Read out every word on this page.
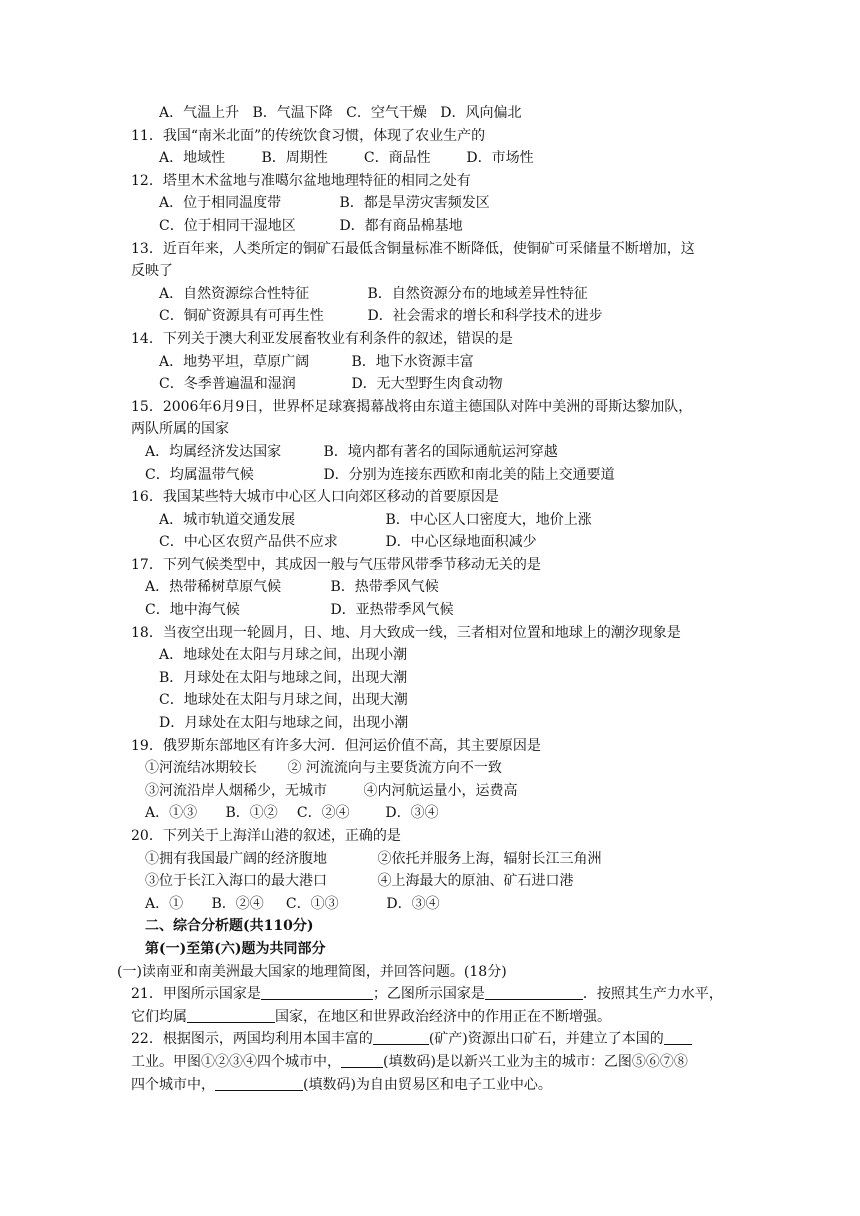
A．气温上升 B．气温下降 C．空气干燥 D．风向偏北
11．我国“南米北面”的传统饮食习惯，体现了农业生产的
A．地域性	B．周期性	C．商品性	D．市场性
12．塔里木术盆地与准噶尔盆地地理特征的相同之处有
A．位于相同温度带	B．都是旱涝灾害频发区
C．位于相同干湿地区	D．都有商品棉基地
13．近百年来，人类所定的铜矿石最低含铜量标准不断降低，使铜矿可采储量不断增加，这
反映了
A．自然资源综合性特征	B．自然资源分布的地域差异性特征
C．铜矿资源具有可再生性	D．社会需求的增长和科学技术的进步
14．下列关于澳大利亚发展畜牧业有利条件的叙述，错误的是
A．地势平坦，草原广阔	B．地下水资源丰富
C．冬季普遍温和湿润	D．无大型野生肉食动物
15．2006年6月9日，世界杯足球赛揭幕战将由东道主德国队对阵中美洲的哥斯达黎加队，
两队所属的国家
A．均属经济发达国家	B．境内都有著名的国际通航运河穿越
C．均属温带气候	D．分别为连接东西欧和南北美的陆上交通要道
16．我国某些特大城市中心区人口向郊区移动的首要原因是
A．城市轨道交通发展	B．中心区人口密度大，地价上涨
C．中心区农贸产品供不应求	D．中心区绿地面积减少
17．下列气候类型中，其成因一般与气压带风带季节移动无关的是
A．热带稀树草原气候	B．热带季风气候
C．地中海气候	D．亚热带季风气候
18．当夜空出现一轮圆月，日、地、月大致成一线，三者相对位置和地球上的潮汐现象是
A．地球处在太阳与月球之间，出现小潮
B．月球处在太阳与地球之间，出现大潮
C．地球处在太阳与月球之间，出现大潮
D．月球处在太阳与地球之间，出现小潮
19．俄罗斯东部地区有许多大河．但河运价值不高，其主要原因是
①河流结冰期较长 ② 河流流向与主要货流方向不一致
③河流沿岸人烟稀少，无城市	④内河航运量小，运费高
A．①③ B．①② C．②④	D．③④
20．下列关于上海洋山港的叙述，正确的是
①拥有我国最广阔的经济腹地	②依托并服务上海，辐射长江三角洲
③位于长江入海口的最大港口	④上海最大的原油、矿石进口港
A．① B．②④ C．①③	D．③④
二、综合分析题(共110分)
第(一)至第(六)题为共同部分
(一)读南亚和南美洲最大国家的地理简图，并回答问题。(18分)
21．甲图所示国家是	；乙图所示国家是	．按照其生产力水平，
它们均属	国家，在地区和世界政治经济中的作用正在不断增强。
22．根据图示，两国均利用本国丰富的	(矿产)资源出口矿石，并建立了本国的
工业。甲图①②③④四个城市中，	(填数码)是以新兴工业为主的城市：乙图⑤⑥⑦⑧
四个城市中，	(填数码)为自由贸易区和电子工业中心。
